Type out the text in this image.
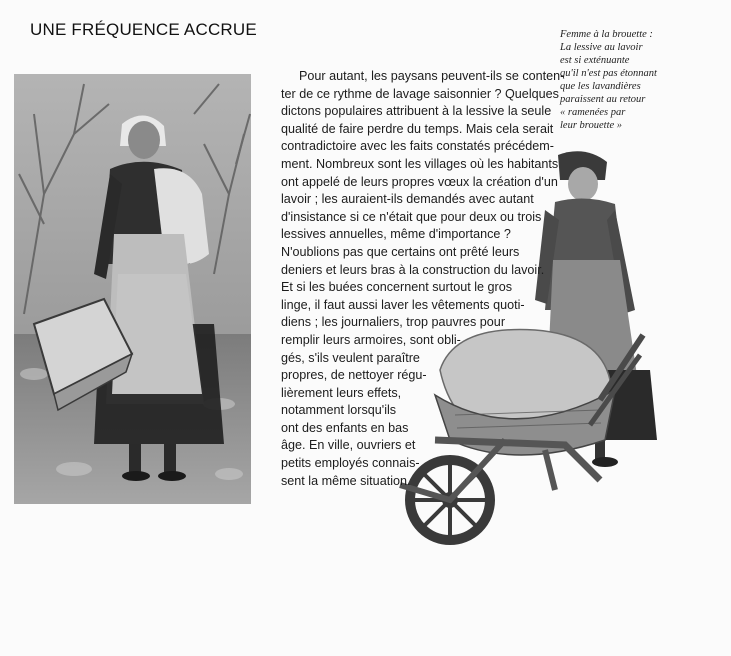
UNE FRÉQUENCE ACCRUE	Femme à la brouette :
La lessive au lavoir
est si exténuante
qu'il n'est pas étonnant
que les lavandières
paraissent au retour
« ramenées par
leur brouette »
Pour autant, les paysans peuvent-ils se conten-
ter de ce rythme de lavage saisonnier ? Quelques
dictons populaires attribuent à la lessive la seule
qualité de faire perdre du temps. Mais cela serait
contradictoire avec les faits constatés précédem-
ment. Nombreux sont les villages où les habitants
ont appelé de leurs propres vœux la création d'un
lavoir ; les auraient-ils demandés avec autant
d'insistance si ce n'était que pour deux ou trois
lessives annuelles, même d'importance ?
N'oublions pas que certains ont prêté leurs
deniers et leurs bras à la construction du lavoir.
Et si les buées concernent surtout le gros
linge, il faut aussi laver les vêtements quoti-
diens ; les journaliers, trop pauvres pour
remplir leurs armoires, sont obli-
gés, s'ils veulent paraître
propres, de nettoyer régu-
lièrement leurs effets,
notamment lorsqu'ils
ont des enfants en bas
âge. En ville, ouvriers et
petits employés connais-
sent la même situation.
